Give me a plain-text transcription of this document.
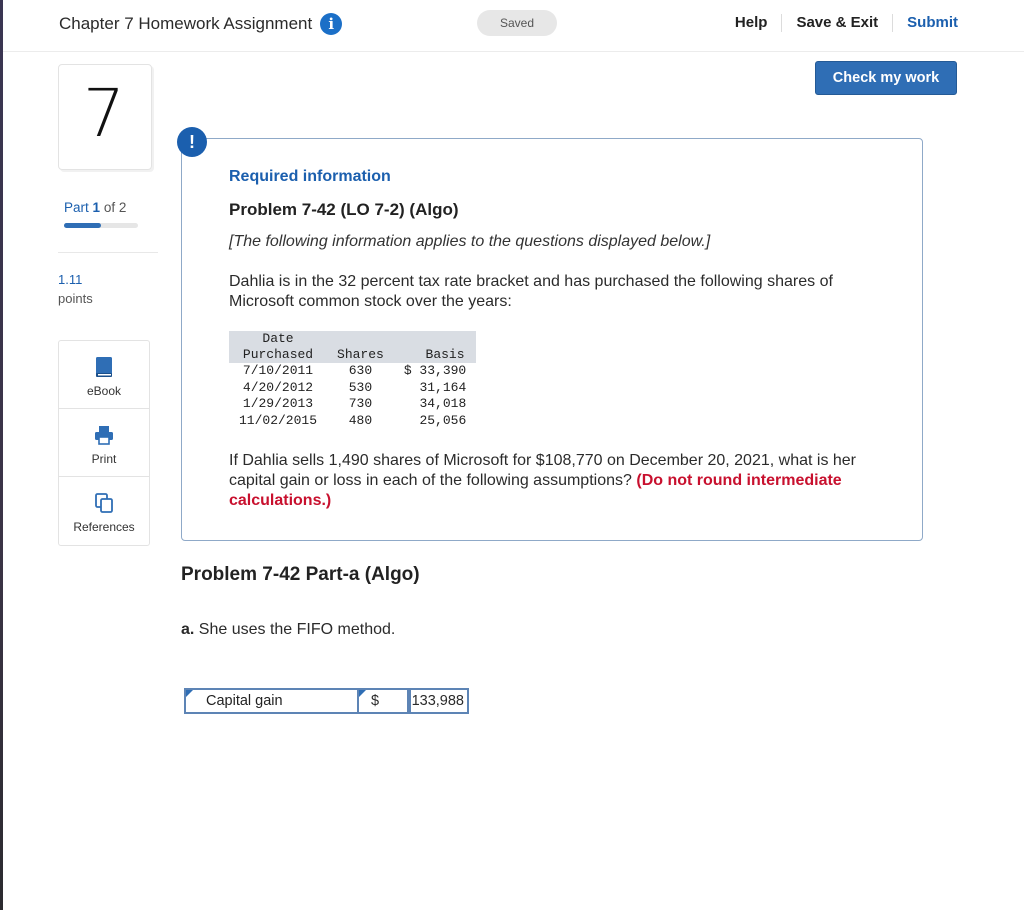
Chapter 7 Homework Assignment	i	Saved	Help	Save & Exit	Submit
Check my work
7
Part 1 of 2
1.11
points
eBook
Print
References
!
Required information
Problem 7-42 (LO 7-2) (Algo)
[The following information applies to the questions displayed below.]
Dahlia is in the 32 percent tax rate bracket and has purchased the following shares of Microsoft common stock over the years:
Date
Purchased	Shares	Basis
7/10/2011	630	$ 33,390
4/20/2012	530	31,164
1/29/2013	730	34,018
11/02/2015	480	25,056
If Dahlia sells 1,490 shares of Microsoft for $108,770 on December 20, 2021, what is her capital gain or loss in each of the following assumptions? (Do not round intermediate calculations.)
Problem 7-42 Part-a (Algo)
a. She uses the FIFO method.
Capital gain	$ 133,988
